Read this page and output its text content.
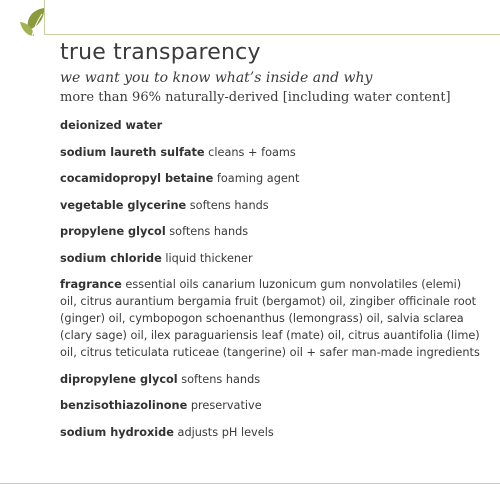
true transparency

we want you to know what’s inside and why

more than 96% naturally-derived [including water content]

deionized water
sodium laureth sulfate cleans + foams
cocamidopropyl betaine foaming agent
vegetable glycerine softens hands
propylene glycol softens hands
sodium chloride liquid thickener
fragrance essential oils canarium luzonicum gum nonvolatiles (elemi) oil, citrus aurantium bergamia fruit (bergamot) oil, zingiber officinale root (ginger) oil, cymbopogon schoenanthus (lemongrass) oil, salvia sclarea (clary sage) oil, ilex paraguariensis leaf (mate) oil, citrus auantifolia (lime) oil, citrus teticulata ruticeae (tangerine) oil + safer man-made ingredients
dipropylene glycol softens hands
benzisothiazolinone preservative
sodium hydroxide adjusts pH levels
